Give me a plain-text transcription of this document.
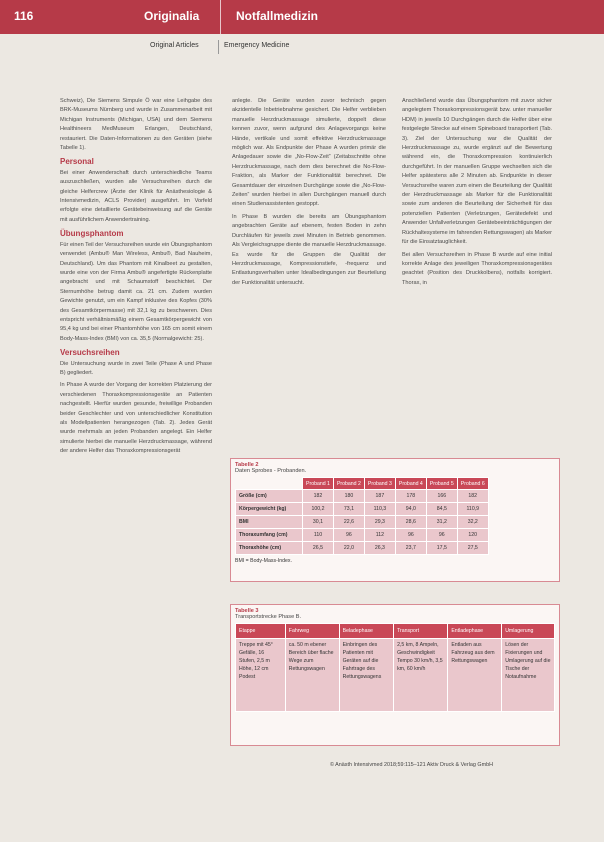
116	Originalia	Notfallmedizin
Original Articles	Emergency Medicine

Schweiz), Die Siemens Simpule Ö war eine Leihgabe des BRK-Museums Nürnberg und wurde in Zusammenarbeit mit Michigan Instruments (Michigan, USA) und dem Siemens Healthineers MedMuseum Erlangen, Deutschland, restauriert. Die Daten-Informationen zu den Geräten (siehe Tabelle 1).

Personal

Bei einer Anwenderschaft durch unterschiedliche Teams auszuschließen, wurden alle Versuchsreihen durch die gleiche Helfercrew (Ärzte der Klinik für Anästhesiologie & Intensivmedizin, ACLS Provider) ausgeführt. Im Vorfeld erfolgte eine detaillierte Gerätebeinweisung auf die Geräte mit ausführlichem Anwendertraining.

Übungsphantom

Für einen Teil der Versuchsreihen wurde ein Übungsphantom verwendet (Ambu® Man Wireless, Ambu®, Bad Nauheim, Deutschland). Um das Phantom mit Kinalbeet zu gestalten, wurde eine von der Firma Ambu® angefertigte Rückenplatte angebracht und mit Schaumstoff beschichtet. Der Sternumhöhe betrug damit ca. 21 cm. Zudem wurden Gewichte genutzt, um ein Kampf inklusive des Kopfes (30% des Gesamtkörpermasse) mit 32,1 kg zu beschweren. Dies entspricht verhältnismäßig einem Gesamtkörpergewicht von 95,4 kg und bei einer Phantomhöhe von 165 cm somit einem Body-Mass-Index (BMI) von ca. 35,5 (Normalgewicht: 25).

Versuchsreihen

Die Untersuchung wurde in zwei Teile (Phase A und Phase B) gegliedert.

In Phase A wurde der Vorgang der korrekten Platzierung der verschiedenen Thoraxkompressionsgeräte an Patienten nachgestellt. Hierfür wurden gesunde, freiwillige Probanden beider Geschlechter und von unterschiedlicher Konstitution als Modellpatienten herangezogen (Tab. 2). Jedes Gerät wurde mehrmals an jeden Probanden angelegt. Ein Helfer simulierte hierbei die manuelle Herzdruckmassage, während der andere Helfer das Thoraxkompressionsgerät

anlegte. Die Geräte wurden zuvor technisch gegen akzidentelle Inbetriebnahme gesichert. Die Helfer verblieben manuelle Herzdruckmassage simulierte, doppelt diese kennen zuvor, wenn aufgrund des Anlagevorgangs keine Hände, vertikale und somit effektive Herzdruckmassage möglich war. Als Endpunkte der Phase A wurden primär die Anlagedauer sowie die „No-Flow-Zeit“ (Zeitabschnitte ohne Herzdruckmassage, nach dem dies berechnet die No-Flow-Fraktion, als Marker der Funktionalität berechnet. Die Gesamtdauer der einzelnen Durchgänge sowie die „No-Flow-Zeiten“ wurden hierbei in allen Durchgängen manuell durch einen Studienassistenten gestoppt.

In Phase B wurden die bereits am Übungsphantom angebrachten Geräte auf ebenem, festen Boden in zehn Durchläufen für jeweils zwei Minuten in Betrieb genommen. Als Vergleichsgruppe diente die manuelle Herzdruckmassage. Es wurde für die Gruppen die Qualität der Herzdruckmassage, Kompressionstiefe, -frequenz und Entlastungsverhalten unter Idealbedingungen zur Beurteilung der Funktionalität untersucht.

Anschließend wurde das Übungsphantom mit zuvor sicher angelegtem Thoraxkompressionsgerät bzw. unter manueller HDM) in jeweils 10 Durchgängen durch die Helfer über eine festgelegte Strecke auf einem Spineboard transportiert (Tab. 3). Ziel der Untersuchung war die Qualität der Herzdruckmassage zu, wurde ergänzt auf die Bewertung während ein, die Thoraxkompression kontinuierlich durchgeführt. In der manuellen Gruppe wechselten sich die Helfer spätestens alle 2 Minuten ab. Endpunkte in dieser Versuchsreihe waren zum einen die Beurteilung der Qualität der Herzdruckmassage als Marker für die Funktionalität sowie zum anderen die Beurteilung der Sicherheit für das potenziellen Patienten (Verletzungen, Gerätedefekt und Anwender Unfallverletzungen Gerätebeeinträchtigungen der Rückhaltesysteme im fahrenden Rettungswagen) als Marker für die Einsatztauglichkeit.

Bei allen Versuchsreihen in Phase B wurde auf eine initial korrekte Anlage des jeweiligen Thoraxkompressionsgerätes geachtet (Position des Druckkolbens), notfalls korrigiert. Thorax, in

Tabelle 2
Daten Sprobes - Probanden.
	Proband 1	Proband 2	Proband 3	Proband 4	Proband 5	Proband 6
Größe (cm)	182	180	187	178	166	182
Körpergewicht (kg)	100,2	73,1	110,3	94,0	84,5	110,9
BMI	30,1	22,6	29,3	28,6	31,2	32,2
Thoraxumfang (cm)	110	96	112	96	96	120
Thoraxhöhe (cm)	26,5	22,0	26,3	23,7	17,5	27,5
BMI = Body-Mass-Index.
Tabelle 3
Transportstrecke Phase B.
Etappe	Fahrweg	Beladephase	Transport	Entladephase	Umlagerung
Treppe mit 45° Gefälle, 16 Stufen, 2,5 m Höhe, 12 cm Podest	ca. 50 m ebener Bereich über flache Wege zum Rettungswagen	Einbringen des Patienten mit Geräten auf die Fahrtrage des Rettungswagens	2,5 km, 8 Ampeln, Geschwindigkeit Tempo 30 km/h, 3,5 km, 60 km/h	Entladen aus Fahrzeug aus dem Rettungswagen	Lösen der Fixierungen und Umlagerung auf die Tische der Notaufnahme
© Anästh Intensivmed 2018;59:115–121 Aktiv Druck & Verlag GmbH
